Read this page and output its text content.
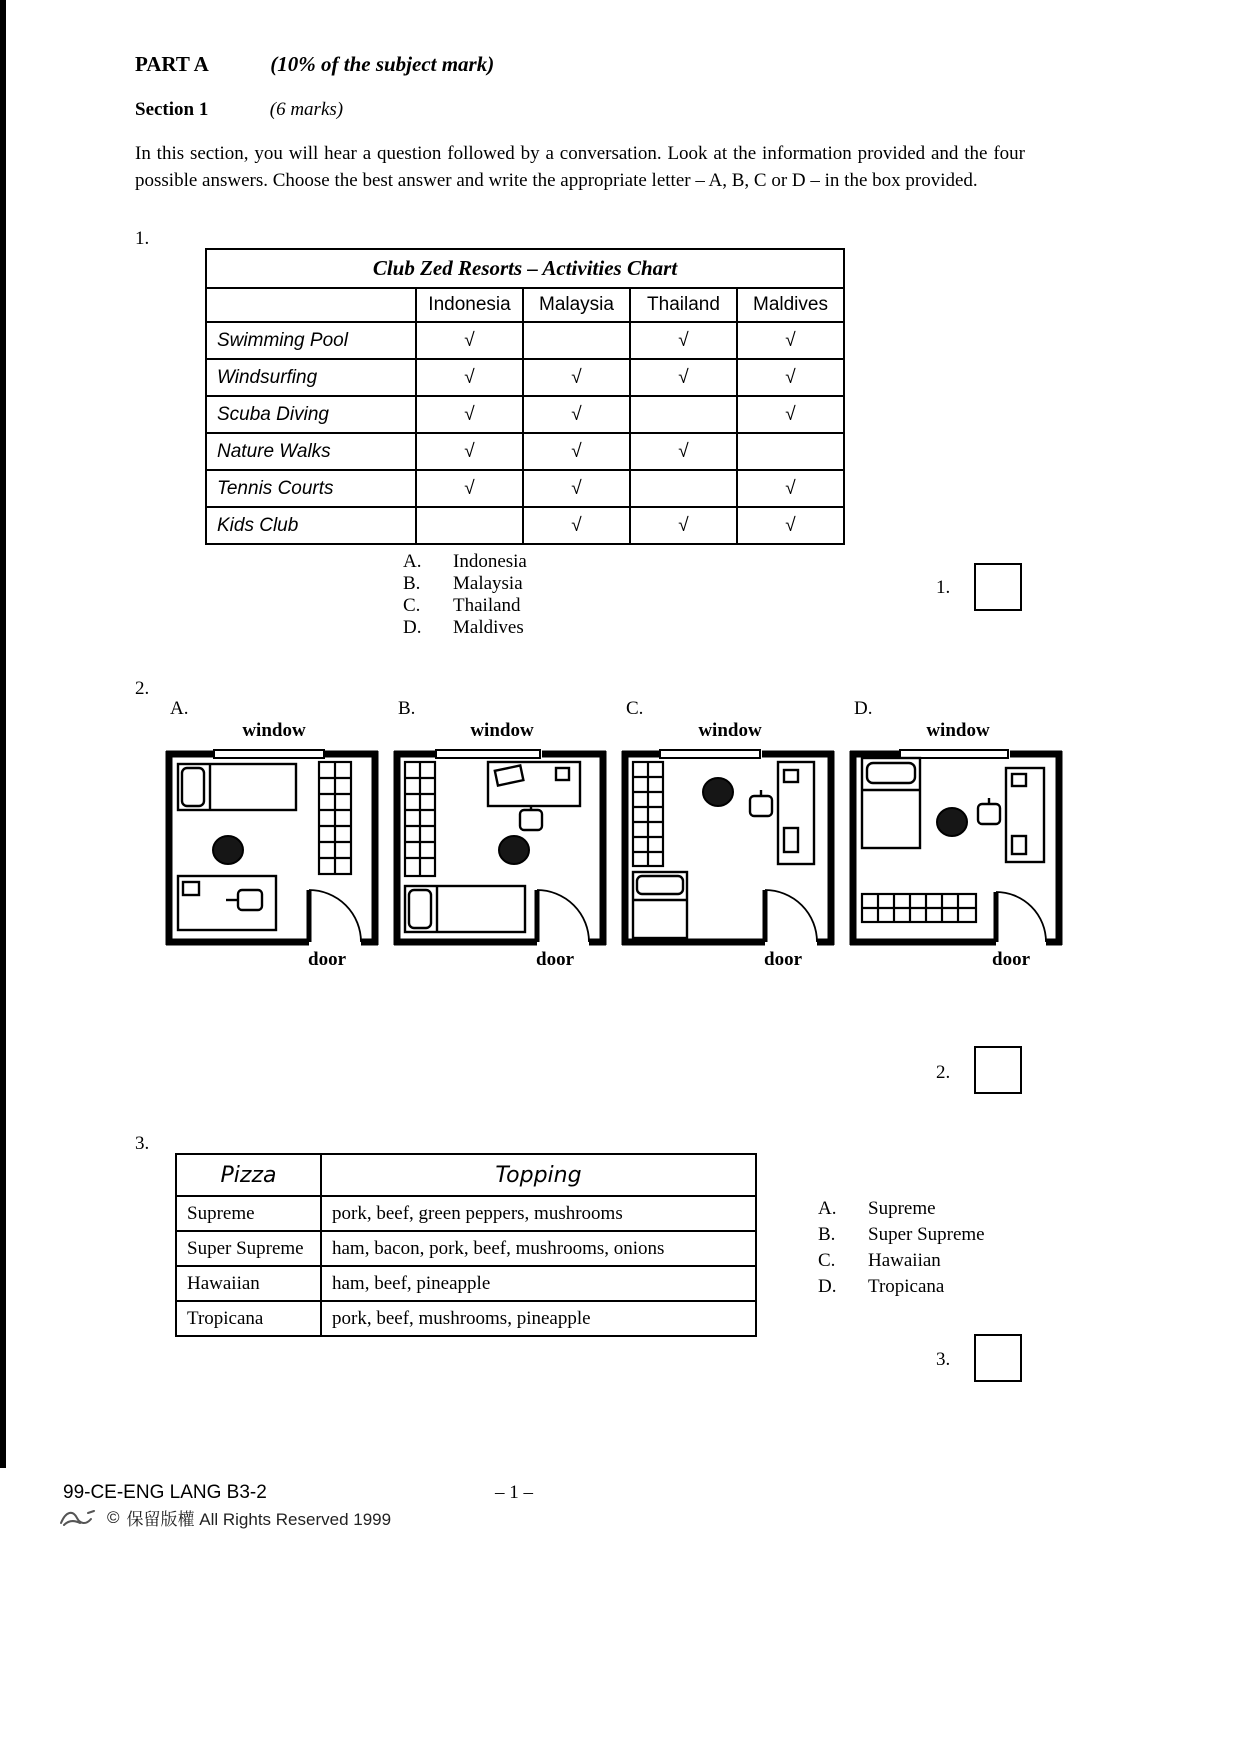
PART A	(10% of the subject mark)
Section 1	(6 marks)
In this section, you will hear a question followed by a conversation. Look at the information provided and the four possible answers. Choose the best answer and write the appropriate letter – A, B, C or D – in the box provided.
1.
Club Zed Resorts – Activities Chart				
	Indonesia	Malaysia	Thailand	Maldives
Swimming Pool	√		√	√
Windsurfing	√	√	√	√
Scuba Diving	√	√		√
Nature Walks	√	√	√	
Tennis Courts	√	√		√
Kids Club		√	√	√
A.	Indonesia
B.	Malaysia
C.	Thailand
D.	Maldives
1.
2.
A.
window
door
B.
window
door
C.
window
door
D.
window
door
2.
3.
Pizza	Topping
Supreme	pork, beef, green peppers, mushrooms
Super Supreme	ham, bacon, pork, beef, mushrooms, onions
Hawaiian	ham, beef, pineapple
Tropicana	pork, beef, mushrooms, pineapple
A.	Supreme
B.	Super Supreme
C.	Hawaiian
D.	Tropicana
3.
99-CE-ENG LANG B3-2	– 1 –
© 保留版權 All Rights Reserved 1999
